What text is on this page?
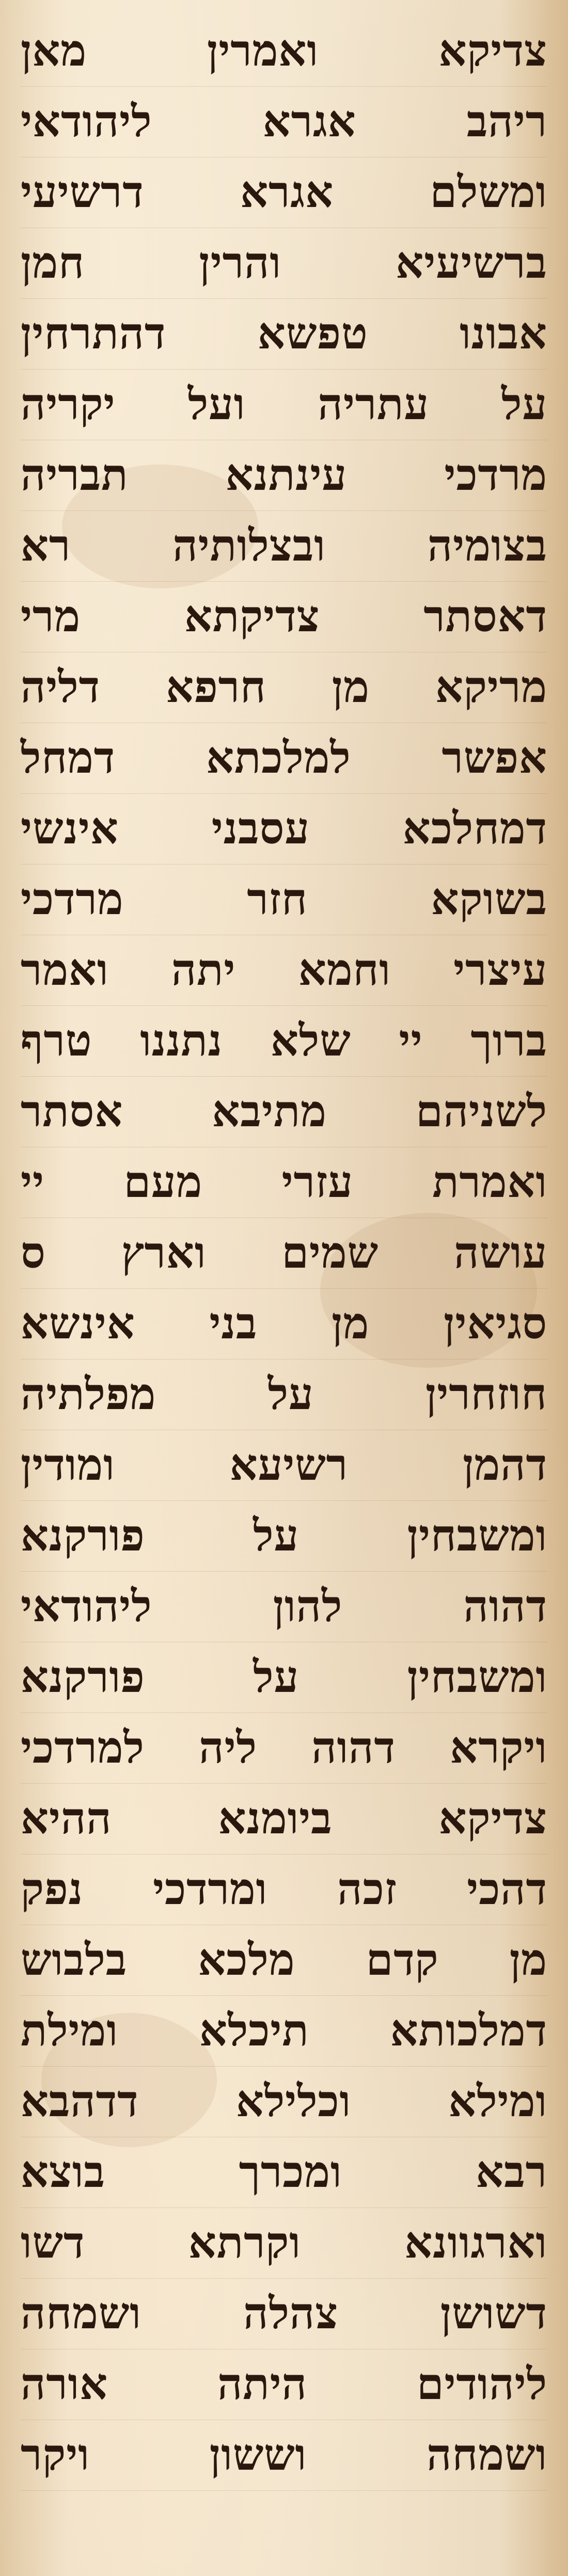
צדיקא ואמרין מאן
ריהב אגרא ליהודאי
ומשלם אגרא דרשיעי
ברשיעיא והרין חמן
אבונו טפשא דהתרחין
על עתריה ועל יקריה
מרדכי עינתנא תבריה
בצומיה ובצלותיה רא
דאסתר צדיקתא מרי
מריקא מן חרפא דליה
אפשר למלכתא דמחל
דמחלכא עסבני אינשי
בשוקא חזר מרדכי
עיצרי וחמא יתה ואמר
ברוך יי שלא נתננו טרף
לשניהם מתיבא אסתר
ואמרת עזרי מעם יי
עושה שמים וארץ ס
סגיאין מן בני אינשא
חוזחרין על מפלתיה
דהמן רשיעא ומודין
ומשבחין על פורקנא
דהוה להון ליהודאי
ומשבחין על פורקנא
ויקרא דהוה ליה למרדכי
צדיקא ביומנא ההיא
דהכי זכה ומרדכי נפק
מן קדם מלכא בלבוש
דמלכותא תיכלא ומילת
ומילא וכלילא דדהבא
רבא ומכרך בוצא
וארגוונא וקרתא דשו
דשושן צהלה ושמחה
ליהודים היתה אורה
ושמחה וששון ויקר
